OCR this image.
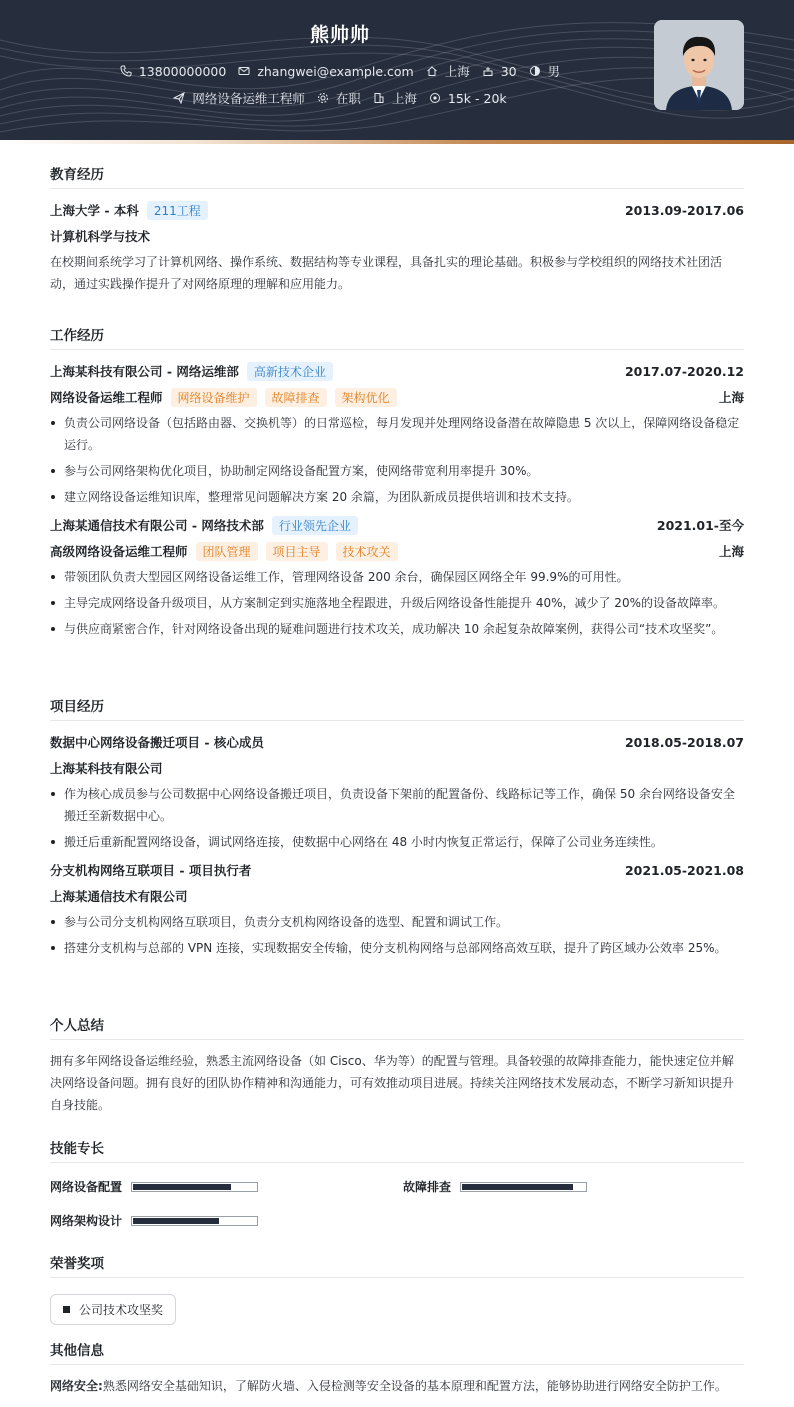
熊帅帅
13800000000 zhangwei@example.com 上海 30 男
网络设备运维工程师 在职 上海 15k - 20k
教育经历
上海大学 - 本科	211工程	2013.09-2017.06
计算机科学与技术
在校期间系统学习了计算机网络、操作系统、数据结构等专业课程，具备扎实的理论基础。积极参与学校组织的网络技术社团活动，通过实践操作提升了对网络原理的理解和应用能力。
工作经历
上海某科技有限公司 - 网络运维部	高新技术企业	2017.07-2020.12
网络设备运维工程师	网络设备维护	故障排查	架构优化	上海
负责公司网络设备（包括路由器、交换机等）的日常巡检，每月发现并处理网络设备潜在故障隐患 5 次以上，保障网络设备稳定运行。
参与公司网络架构优化项目，协助制定网络设备配置方案，使网络带宽利用率提升 30%。
建立网络设备运维知识库，整理常见问题解决方案 20 余篇，为团队新成员提供培训和技术支持。
上海某通信技术有限公司 - 网络技术部	行业领先企业	2021.01-至今
高级网络设备运维工程师	团队管理	项目主导	技术攻关	上海
带领团队负责大型园区网络设备运维工作，管理网络设备 200 余台，确保园区网络全年 99.9%的可用性。
主导完成网络设备升级项目，从方案制定到实施落地全程跟进，升级后网络设备性能提升 40%，减少了 20%的设备故障率。
与供应商紧密合作，针对网络设备出现的疑难问题进行技术攻关，成功解决 10 余起复杂故障案例，获得公司“技术攻坚奖”。
项目经历
数据中心网络设备搬迁项目 - 核心成员	2018.05-2018.07
上海某科技有限公司
作为核心成员参与公司数据中心网络设备搬迁项目，负责设备下架前的配置备份、线路标记等工作，确保 50 余台网络设备安全搬迁至新数据中心。
搬迁后重新配置网络设备，调试网络连接，使数据中心网络在 48 小时内恢复正常运行，保障了公司业务连续性。
分支机构网络互联项目 - 项目执行者	2021.05-2021.08
上海某通信技术有限公司
参与公司分支机构网络互联项目，负责分支机构网络设备的选型、配置和调试工作。
搭建分支机构与总部的 VPN 连接，实现数据安全传输，使分支机构网络与总部网络高效互联，提升了跨区域办公效率 25%。
个人总结
拥有多年网络设备运维经验，熟悉主流网络设备（如 Cisco、华为等）的配置与管理。具备较强的故障排查能力，能快速定位并解决网络设备问题。拥有良好的团队协作精神和沟通能力，可有效推动项目进展。持续关注网络技术发展动态，不断学习新知识提升自身技能。
技能专长
网络设备配置	故障排查
网络架构设计
荣誉奖项
公司技术攻坚奖
其他信息
网络安全:熟悉网络安全基础知识，了解防火墙、入侵检测等安全设备的基本原理和配置方法，能够协助进行网络安全防护工作。
